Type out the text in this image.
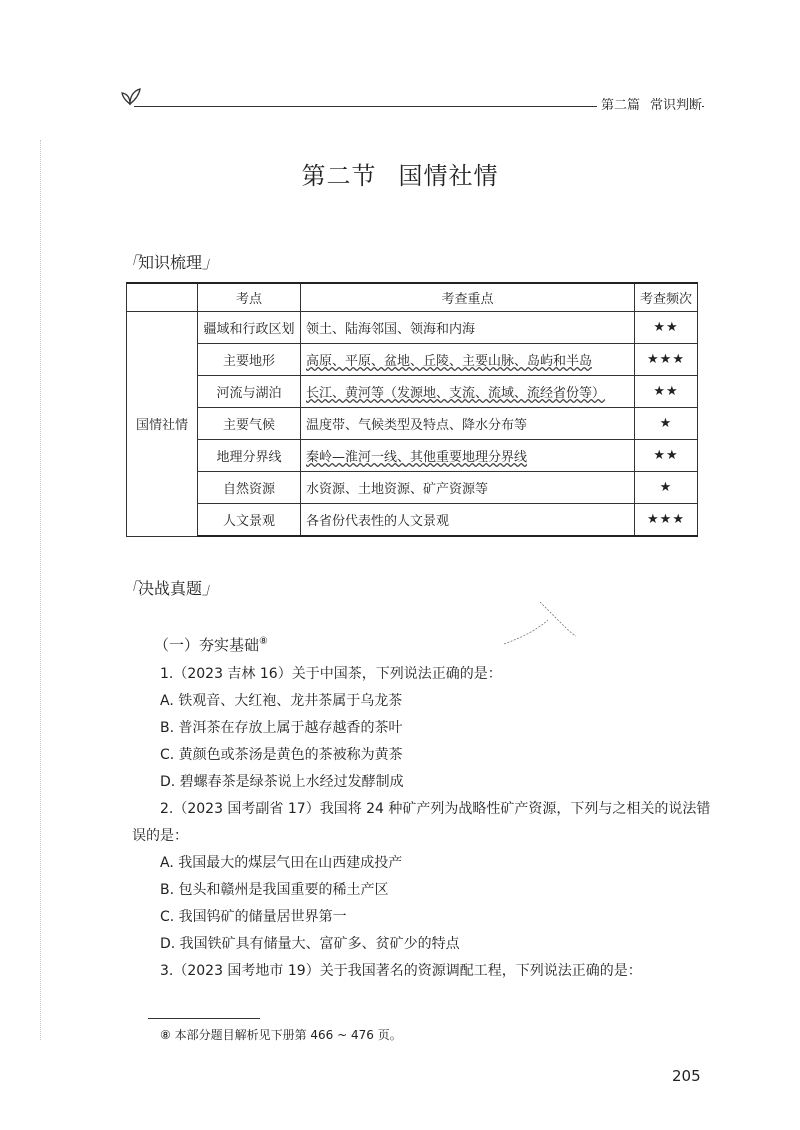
第二篇 常识判断
第二节 国情社情
「知识梳理」
	考点	考查重点	考查频次
国情社情	疆域和行政区划	领土、陆海邻国、领海和内海	★★
	主要地形	高原、平原、盆地、丘陵、主要山脉、岛屿和半岛	★★★
	河流与湖泊	长江、黄河等（发源地、支流、流域、流经省份等）	★★
	主要气候	温度带、气候类型及特点、降水分布等	★
	地理分界线	秦岭—淮河一线、其他重要地理分界线	★★
	自然资源	水资源、土地资源、矿产资源等	★
	人文景观	各省份代表性的人文景观	★★★
「决战真题」
（一）夯实基础⑧
1.（2023 吉林 16）关于中国茶，下列说法正确的是：
A. 铁观音、大红袍、龙井茶属于乌龙茶
B. 普洱茶在存放上属于越存越香的茶叶
C. 黄颜色或茶汤是黄色的茶被称为黄茶
D. 碧螺春茶是绿茶说上水经过发酵制成
2.（2023 国考副省 17）我国将 24 种矿产列为战略性矿产资源，下列与之相关的说法错误的是：
A. 我国最大的煤层气田在山西建成投产
B. 包头和赣州是我国重要的稀土产区
C. 我国钨矿的储量居世界第一
D. 我国铁矿具有储量大、富矿多、贫矿少的特点
3.（2023 国考地市 19）关于我国著名的资源调配工程，下列说法正确的是：
⑧ 本部分题目解析见下册第 466 ~ 476 页。
205
